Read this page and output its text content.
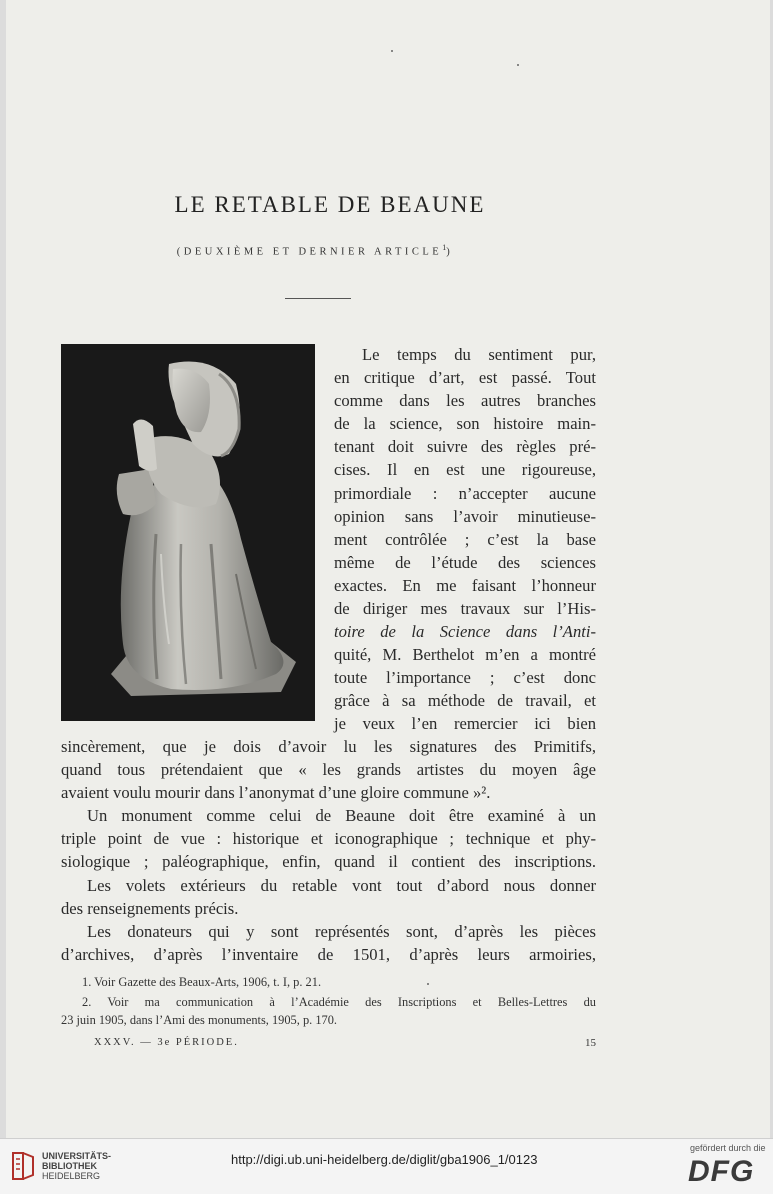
LE RETABLE DE BEAUNE
(DEUXIÈME ET DERNIER ARTICLE$^1$)
Le temps du sentiment pur,
en critique d’art, est passé. Tout
comme dans les autres branches
de la science, son histoire main-
tenant doit suivre des règles pré-
cises. Il en est une rigoureuse,
primordiale : n’accepter aucune
opinion sans l’avoir minutieuse-
ment contrôlée ; c’est la base
même de l’étude des sciences
exactes. En me faisant l’honneur
de diriger mes travaux sur l’His-
toire de la Science dans l’Anti-
quité, M. Berthelot m’en a montré
toute l’importance ; c’est donc
grâce à sa méthode de travail, et
je veux l’en remercier ici bien
sincèrement, que je dois d’avoir lu les signatures des Primitifs,
quand tous prétendaient que « les grands artistes du moyen âge
avaient voulu mourir dans l’anonymat d’une gloire commune »².
Un monument comme celui de Beaune doit être examiné à un
triple point de vue : historique et iconographique ; technique et phy-
siologique ; paléographique, enfin, quand il contient des inscriptions.
Les volets extérieurs du retable vont tout d’abord nous donner
des renseignements précis.
Les donateurs qui y sont représentés sont, d’après les pièces
d’archives, d’après l’inventaire de 1501, d’après leurs armoiries,
1. Voir Gazette des Beaux-Arts, 1906, t. I, p. 21.
2. Voir ma communication à l’Académie des Inscriptions et Belles-Lettres du
23 juin 1905, dans l’Ami des monuments, 1905, p. 170.
XXXV. — 3e PÉRIODE.	15
UNIVERSITÄTS-
BIBLIOTHEK
HEIDELBERG
http://digi.ub.uni-heidelberg.de/diglit/gba1906_1/0123
gefördert durch die
DFG
